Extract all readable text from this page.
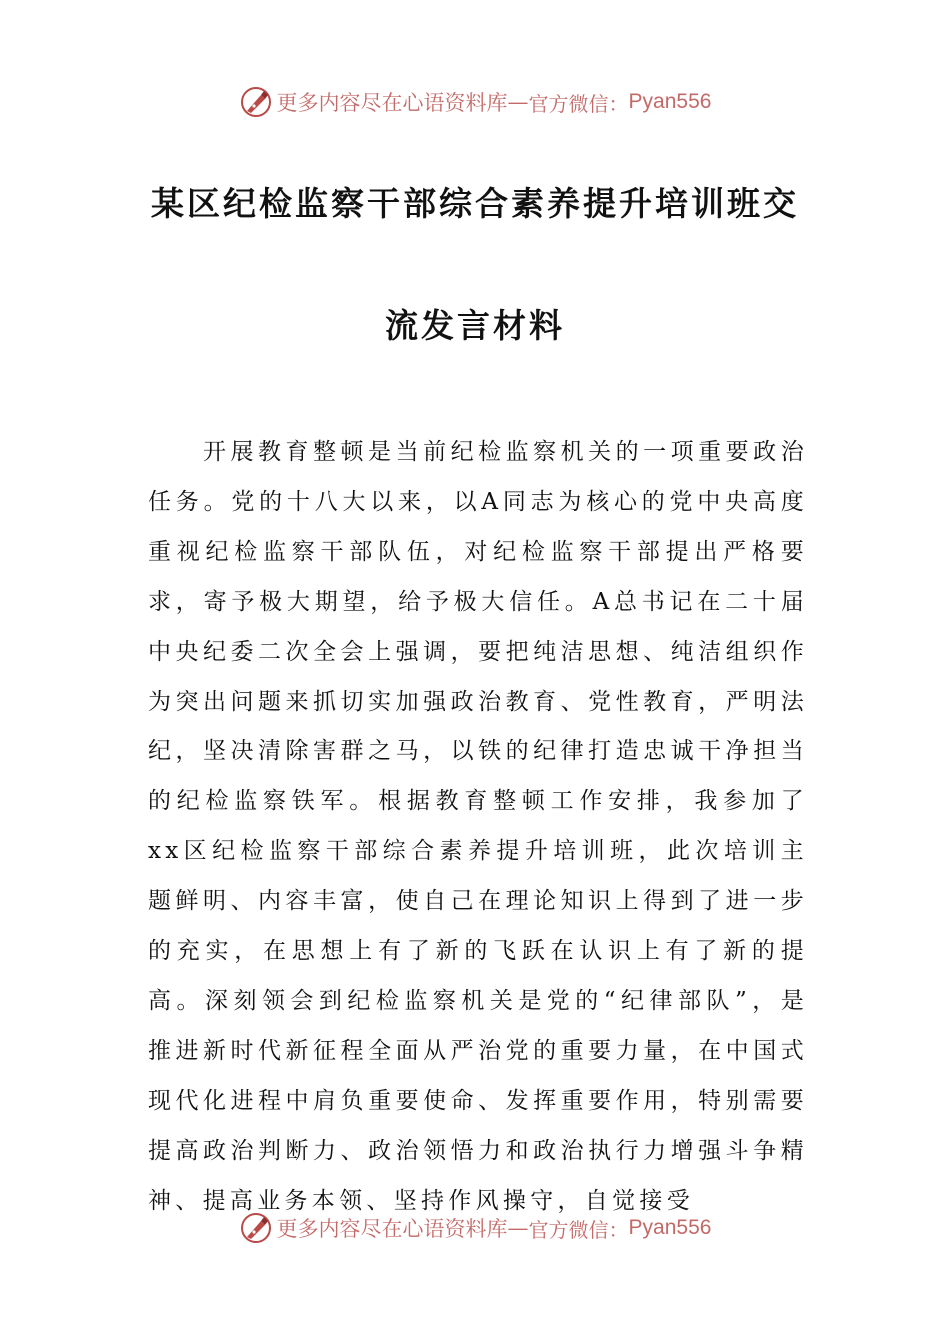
更多内容尽在心语资料库 — 官方微信： Pyan556
某区纪检监察干部综合素养提升培训班交
流发言材料

开展教育整顿是当前纪检监察机关的一项重要政治任务。党的十八大以来，以A同志为核心的党中央高度重视纪检监察干部队伍，对纪检监察干部提出严格要求，寄予极大期望，给予极大信任。A总书记在二十届中央纪委二次全会上强调，要把纯洁思想、纯洁组织作为突出问题来抓切实加强政治教育、党性教育，严明法纪，坚决清除害群之马，以铁的纪律打造忠诚干净担当的纪检监察铁军。根据教育整顿工作安排，我参加了xx区纪检监察干部综合素养提升培训班，此次培训主题鲜明、内容丰富，使自己在理论知识上得到了进一步的充实，在思想上有了新的飞跃在认识上有了新的提高。深刻领会到纪检监察机关是党的“纪律部队”，是推进新时代新征程全面从严治党的重要力量，在中国式现代化进程中肩负重要使命、发挥重要作用，特别需要提高政治判断力、政治领悟力和政治执行力增强斗争精神、提高业务本领、坚持作风操守，自觉接受

更多内容尽在心语资料库 — 官方微信： Pyan556
